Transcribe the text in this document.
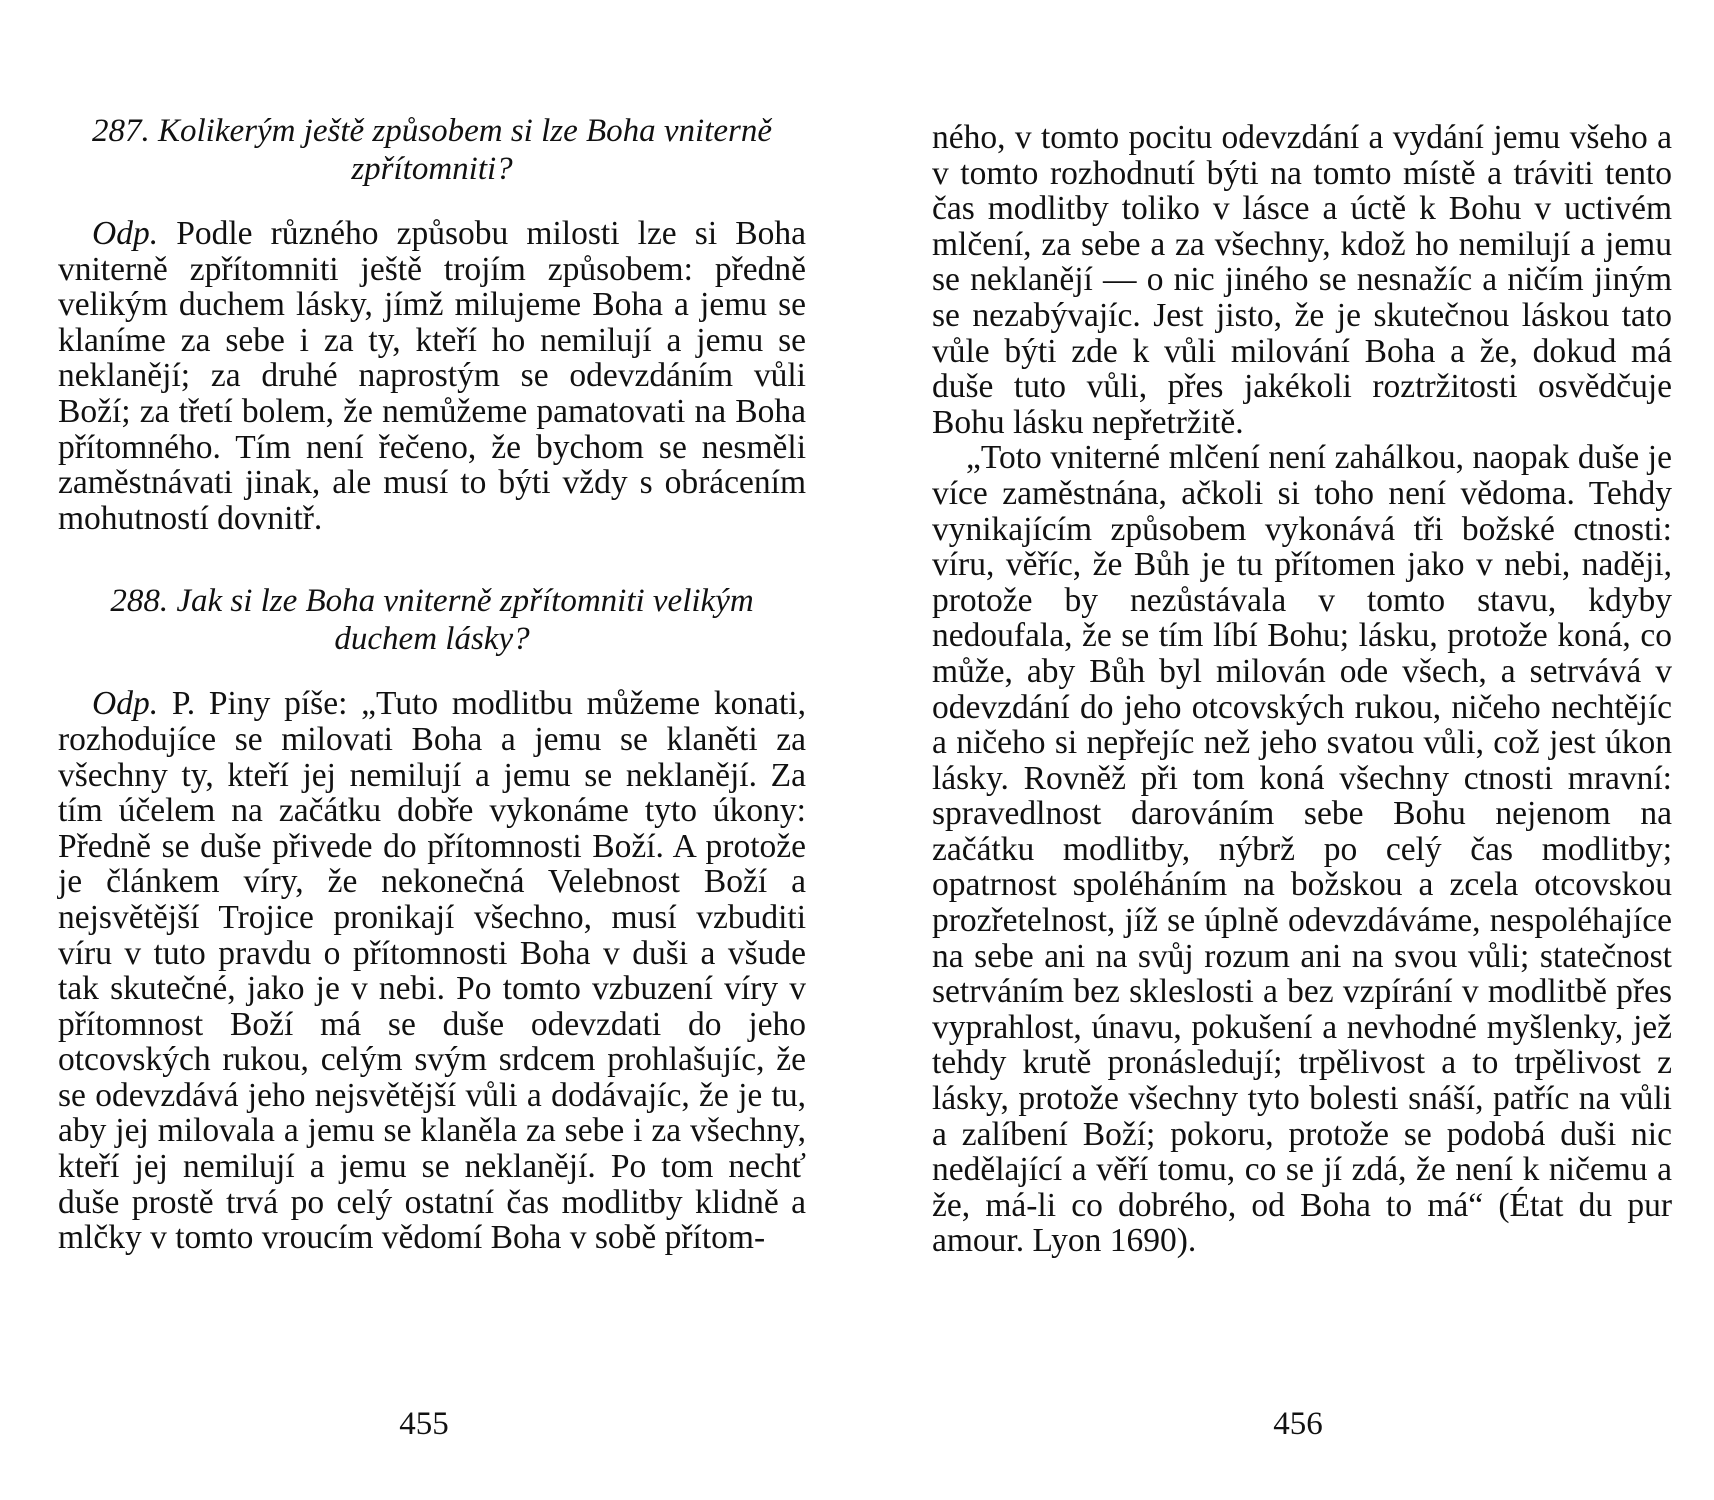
287. Kolikerým ještě způsobem si lze Boha vniterně zpřítomniti?

Odp. Podle různého způsobu milosti lze si Boha vniterně zpřítomniti ještě trojím způsobem: předně velikým duchem lásky, jímž milujeme Boha a jemu se klaníme za sebe i za ty, kteří ho nemilují a jemu se neklanějí; za druhé naprostým se odevzdáním vůli Boží; za třetí bolem, že nemůžeme pamatovati na Boha přítomného. Tím není řečeno, že bychom se nesměli zaměstnávati jinak, ale musí to býti vždy s obrácením mohutností dovnitř.

288. Jak si lze Boha vniterně zpřítomniti velikým duchem lásky?

Odp. P. Piny píše: „Tuto modlitbu můžeme konati, rozhodujíce se milovati Boha a jemu se klaněti za všechny ty, kteří jej nemilují a jemu se neklanějí. Za tím účelem na začátku dobře vykonáme tyto úkony: Předně se duše přivede do přítomnosti Boží. A protože je článkem víry, že nekonečná Velebnost Boží a nejsvětější Trojice pronikají všechno, musí vzbuditi víru v tuto pravdu o přítomnosti Boha v duši a všude tak skutečné, jako je v nebi. Po tomto vzbuzení víry v přítomnost Boží má se duše odevzdati do jeho otcovských rukou, celým svým srdcem prohlašujíc, že se odevzdává jeho nejsvětější vůli a dodávajíc, že je tu, aby jej milovala a jemu se klaněla za sebe i za všechny, kteří jej nemilují a jemu se neklanějí. Po tom nechť duše prostě trvá po celý ostatní čas modlitby klidně a mlčky v tomto vroucím vědomí Boha v sobě přítom-

ného, v tomto pocitu odevzdání a vydání jemu všeho a v tomto rozhodnutí býti na tomto místě a tráviti tento čas modlitby toliko v lásce a úctě k Bohu v uctivém mlčení, za sebe a za všechny, kdož ho nemilují a jemu se neklanějí — o nic jiného se nesnažíc a ničím jiným se nezabývajíc. Jest jisto, že je skutečnou láskou tato vůle býti zde k vůli milování Boha a že, dokud má duše tuto vůli, přes jakékoli roztržitosti osvědčuje Bohu lásku nepřetržitě.

„Toto vniterné mlčení není zahálkou, naopak duše je více zaměstnána, ačkoli si toho není vědoma. Tehdy vynikajícím způsobem vykonává tři božské ctnosti: víru, věříc, že Bůh je tu přítomen jako v nebi, naději, protože by nezůstávala v tomto stavu, kdyby nedoufala, že se tím líbí Bohu; lásku, protože koná, co může, aby Bůh byl milován ode všech, a setrvává v odevzdání do jeho otcovských rukou, ničeho nechtějíc a ničeho si nepřejíc než jeho svatou vůli, což jest úkon lásky. Rovněž při tom koná všechny ctnosti mravní: spravedlnost darováním sebe Bohu nejenom na začátku modlitby, nýbrž po celý čas modlitby; opatrnost spoléháním na božskou a zcela otcovskou prozřetelnost, jíž se úplně odevzdáváme, nespoléhajíce na sebe ani na svůj rozum ani na svou vůli; statečnost setrváním bez skleslosti a bez vzpírání v modlitbě přes vyprahlost, únavu, pokušení a nevhodné myšlenky, jež tehdy krutě pronásledují; trpělivost a to trpělivost z lásky, protože všechny tyto bolesti snáší, patříc na vůli a zalíbení Boží; pokoru, protože se podobá duši nic nedělající a věří tomu, co se jí zdá, že není k ničemu a že, má-li co dobrého, od Boha to má“ (État du pur amour. Lyon 1690).

455	456
